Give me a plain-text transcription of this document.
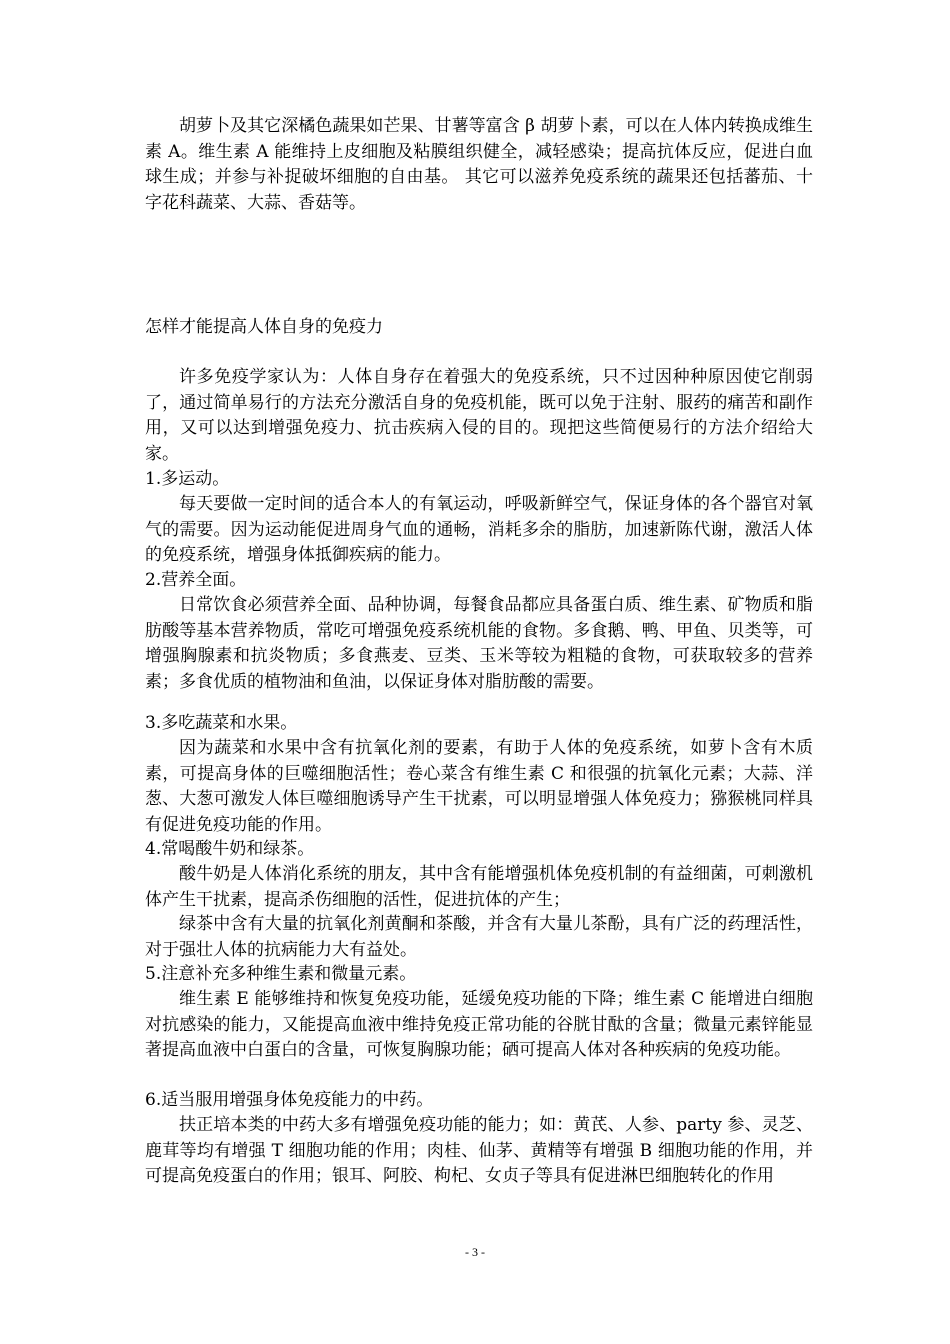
胡萝卜及其它深橘色蔬果如芒果、甘薯等富含 β 胡萝卜素，可以在人体内转换成维生素 A。维生素 A 能维持上皮细胞及粘膜组织健全，减轻感染；提高抗体反应，促进白血球生成；并参与补捉破坏细胞的自由基。 其它可以滋养免疫系统的蔬果还包括蕃茄、十字花科蔬菜、大蒜、香菇等。

怎样才能提高人体自身的免疫力

许多免疫学家认为：人体自身存在着强大的免疫系统，只不过因种种原因使它削弱了，通过简单易行的方法充分激活自身的免疫机能，既可以免于注射、服药的痛苦和副作用，又可以达到增强免疫力、抗击疾病入侵的目的。现把这些简便易行的方法介绍给大家。

1.多运动。

每天要做一定时间的适合本人的有氧运动，呼吸新鲜空气，保证身体的各个器官对氧气的需要。因为运动能促进周身气血的通畅，消耗多余的脂肪，加速新陈代谢，激活人体的免疫系统，增强身体抵御疾病的能力。

2.营养全面。

日常饮食必须营养全面、品种协调，每餐食品都应具备蛋白质、维生素、矿物质和脂肪酸等基本营养物质，常吃可增强免疫系统机能的食物。多食鹅、鸭、甲鱼、贝类等，可增强胸腺素和抗炎物质；多食燕麦、豆类、玉米等较为粗糙的食物，可获取较多的营养素；多食优质的植物油和鱼油，以保证身体对脂肪酸的需要。

3.多吃蔬菜和水果。

因为蔬菜和水果中含有抗氧化剂的要素，有助于人体的免疫系统，如萝卜含有木质素，可提高身体的巨噬细胞活性；卷心菜含有维生素 C 和很强的抗氧化元素；大蒜、洋葱、大葱可激发人体巨噬细胞诱导产生干扰素，可以明显增强人体免疫力；猕猴桃同样具有促进免疫功能的作用。

4.常喝酸牛奶和绿茶。

酸牛奶是人体消化系统的朋友，其中含有能增强机体免疫机制的有益细菌，可刺激机体产生干扰素，提高杀伤细胞的活性，促进抗体的产生；

绿茶中含有大量的抗氧化剂黄酮和茶酸，并含有大量儿茶酚，具有广泛的药理活性，对于强壮人体的抗病能力大有益处。

5.注意补充多种维生素和微量元素。

维生素 E 能够维持和恢复免疫功能，延缓免疫功能的下降；维生素 C 能增进白细胞对抗感染的能力，又能提高血液中维持免疫正常功能的谷胱甘酞的含量；微量元素锌能显著提高血液中白蛋白的含量，可恢复胸腺功能；硒可提高人体对各种疾病的免疫功能。

6.适当服用增强身体免疫能力的中药。

扶正培本类的中药大多有增强免疫功能的能力；如：黄芪、人参、party 参、灵芝、鹿茸等均有增强 T 细胞功能的作用；肉桂、仙茅、黄精等有增强 B 细胞功能的作用，并可提高免疫蛋白的作用；银耳、阿胶、枸杞、女贞子等具有促进淋巴细胞转化的作用

- 3 -
